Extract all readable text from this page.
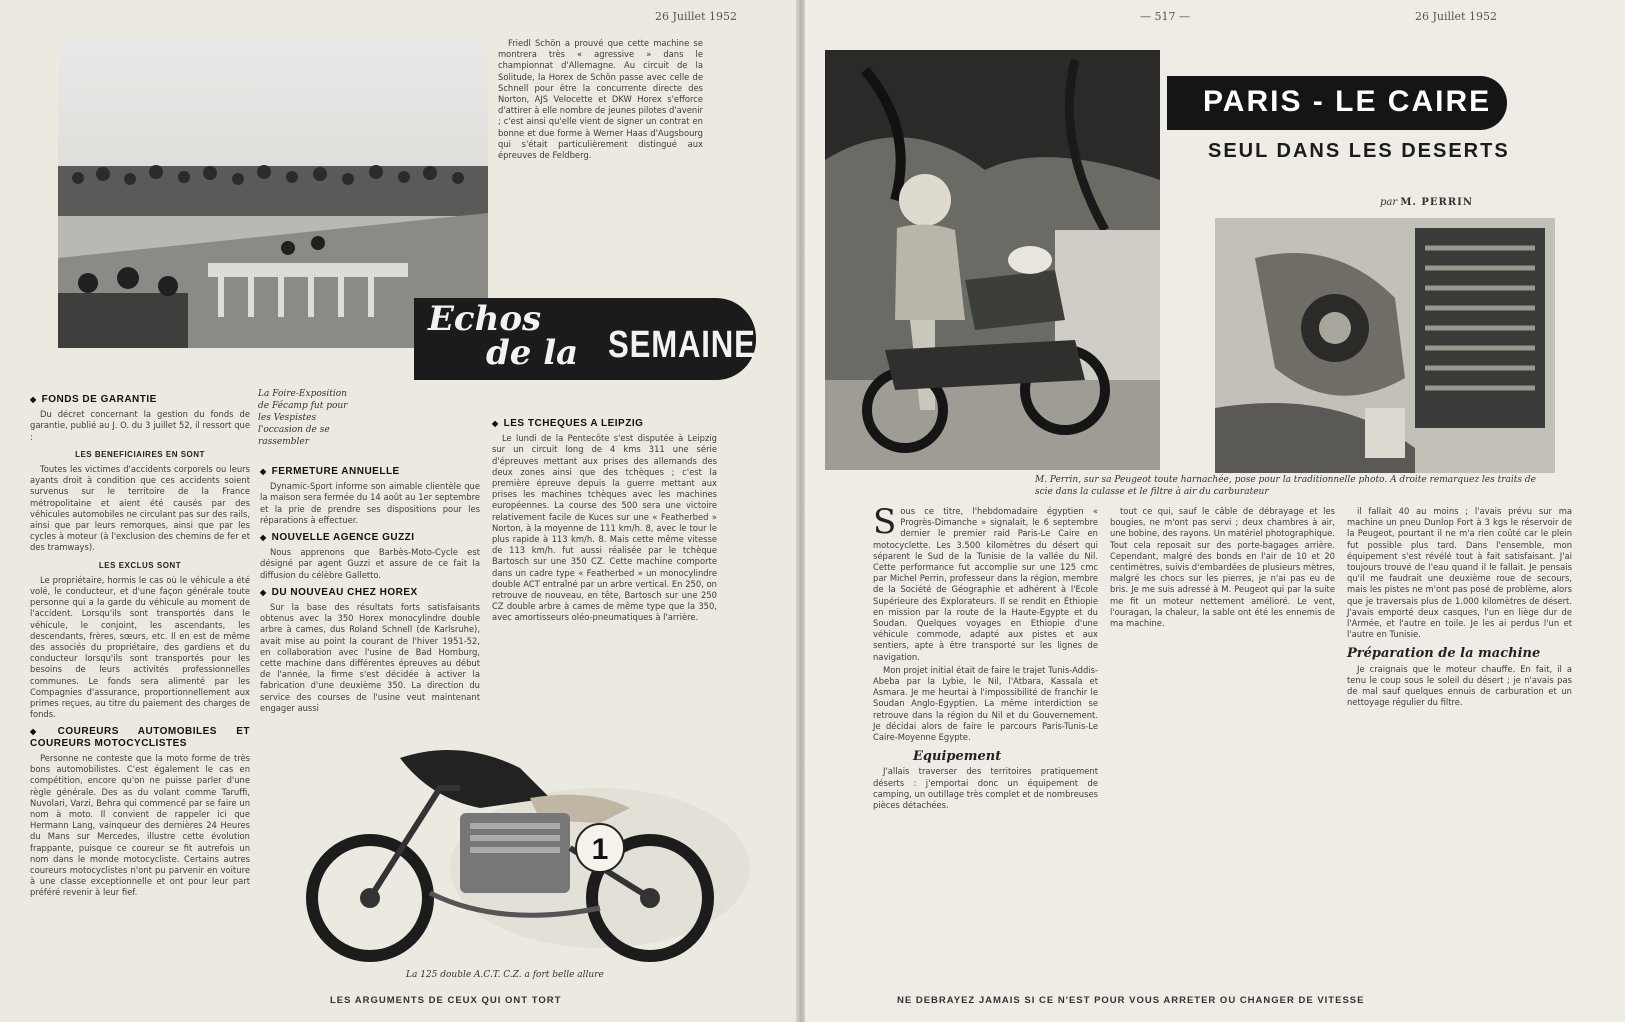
26 Juillet 1952

Friedl Schön a prouvé que cette machine se montrera très « agressive » dans le championnat d'Allemagne. Au circuit de la Solitude, la Horex de Schön passe avec celle de Schnell pour être la concurrente directe des Norton, AJS Velocette et DKW Horex s'efforce d'attirer à elle nombre de jeunes pilotes d'avenir ; c'est ainsi qu'elle vient de signer un contrat en bonne et due forme à Werner Haas d'Augsbourg qui s'était particulièrement distingué aux épreuves de Feldberg.

Echos
de la SEMAINE
La Foire-Exposition de Fécamp fut pour les Vespistes l'occasion de se rassembler
◆ FONDS DE GARANTIE

Du décret concernant la gestion du fonds de garantie, publié au J. O. du 3 juillet 52, il ressort que :

LES BENEFICIAIRES EN SONT

Toutes les victimes d'accidents corporels ou leurs ayants droit à condition que ces accidents soient survenus sur le territoire de la France métropolitaine et aient été causés par des véhicules automobiles ne circulant pas sur des rails, ainsi que par leurs remorques, ainsi que par les cycles à moteur (à l'exclusion des chemins de fer et des tramways).

LES EXCLUS SONT

Le propriétaire, hormis le cas où le véhicule a été volé, le conducteur, et d'une façon générale toute personne qui a la garde du véhicule au moment de l'accident. Lorsqu'ils sont transportés dans le véhicule, le conjoint, les ascendants, les descendants, frères, sœurs, etc. Il en est de même des associés du propriétaire, des gardiens et du conducteur lorsqu'ils sont transportés pour les besoins de leurs activités professionnelles communes. Le fonds sera alimenté par les Compagnies d'assurance, proportionnellement aux primes reçues, au titre du paiement des charges de fonds.

◆ COUREURS AUTOMOBILES ET COUREURS MOTOCYCLISTES

Personne ne conteste que la moto forme de très bons automobilistes. C'est également le cas en compétition, encore qu'on ne puisse parler d'une règle générale. Des as du volant comme Taruffi, Nuvolari, Varzi, Behra qui commencé par se faire un nom à moto. Il convient de rappeler ici que Hermann Lang, vainqueur des dernières 24 Heures du Mans sur Mercedes, illustre cette évolution frappante, puisque ce coureur se fit autrefois un nom dans le monde motocycliste. Certains autres coureurs motocyclistes n'ont pu parvenir en voiture à une classe exceptionnelle et ont pour leur part préféré revenir à leur fief.

◆ FERMETURE ANNUELLE

Dynamic-Sport informe son aimable clientèle que la maison sera fermée du 14 août au 1er septembre et la prie de prendre ses dispositions pour les réparations à effectuer.

◆ NOUVELLE AGENCE GUZZI

Nous apprenons que Barbès-Moto-Cycle est désigné par agent Guzzi et assure de ce fait la diffusion du célèbre Galletto.

◆ DU NOUVEAU CHEZ HOREX

Sur la base des résultats forts satisfaisants obtenus avec la 350 Horex monocylindre double arbre à cames, dus Roland Schnell (de Karlsruhe), avait mise au point la courant de l'hiver 1951-52, en collaboration avec l'usine de Bad Homburg, cette machine dans différentes épreuves au début de l'année, la firme s'est décidée à activer la fabrication d'une deuxième 350. La direction du service des courses de l'usine veut maintenant engager aussi

◆ LES TCHEQUES A LEIPZIG

Le lundi de la Pentecôte s'est disputée à Leipzig sur un circuit long de 4 kms 311 une série d'épreuves mettant aux prises des allemands des deux zones ainsi que des tchèques ; c'est la première épreuve depuis la guerre mettant aux prises les machines tchèques avec les machines européennes. La course des 500 sera une victoire relativement facile de Kuces sur une « Featherbed » Norton, à la moyenne de 111 km/h. 8, avec le tour le plus rapide à 113 km/h. 8. Mais cette même vitesse de 113 km/h. fut aussi réalisée par le tchèque Bartosch sur une 350 CZ. Cette machine comporte dans un cadre type « Featherbed » un monocylindre double ACT entraîné par un arbre vertical. En 250, on retrouve de nouveau, en tête, Bartosch sur une 250 CZ double arbre à cames de même type que la 350, avec amortisseurs oléo-pneumatiques à l'arrière.

1
La 125 double A.C.T. C.Z. a fort belle allure
LES ARGUMENTS DE CEUX QUI ONT TORT
— 517 —	26 Juillet 1952
PARIS - LE CAIRE
SEUL DANS LES DESERTS
par M. PERRIN
M. Perrin, sur sa Peugeot toute harnachée, pose pour la traditionnelle photo. A droite remarquez les traits de scie dans la culasse et le filtre à air du carburateur

Sous ce titre, l'hebdomadaire égyptien « Progrès-Dimanche » signalait, le 6 septembre dernier le premier raid Paris-Le Caire en motocyclette. Les 3.500 kilomètres du désert qui séparent le Sud de la Tunisie de la vallée du Nil. Cette performance fut accomplie sur une 125 cmc par Michel Perrin, professeur dans la région, membre de la Société de Géographie et adhérent à l'Ecole Supérieure des Explorateurs. Il se rendit en Éthiopie en mission par la route de la Haute-Egypte et du Soudan. Quelques voyages en Ethiopie d'une véhicule commode, adapté aux pistes et aux sentiers, apte à être transporté sur les lignes de navigation.

Mon projet initial était de faire le trajet Tunis-Addis-Abeba par la Lybie, le Nil, l'Atbara, Kassala et Asmara. Je me heurtai à l'impossibilité de franchir le Soudan Anglo-Egyptien. La même interdiction se retrouve dans la région du Nil et du Gouvernement. Je décidai alors de faire le parcours Paris-Tunis-Le Caire-Moyenne Egypte.

Equipement

J'allais traverser des territoires pratiquement déserts : j'emportai donc un équipement de camping, un outillage très complet et de nombreuses pièces détachées.

tout ce qui, sauf le câble de débrayage et les bougies, ne m'ont pas servi ; deux chambres à air, une bobine, des rayons. Un matériel photographique. Tout cela reposait sur des porte-bagages arrière. Cependant, malgré des bonds en l'air de 10 et 20 centimètres, suivis d'embardées de plusieurs mètres, malgré les chocs sur les pierres, je n'ai pas eu de bris. Je me suis adressé à M. Peugeot qui par la suite me fit un moteur nettement amélioré. Le vent, l'ouragan, la chaleur, la sable ont été les ennemis de ma machine.

il fallait 40 au moins ; l'avais prévu sur ma machine un pneu Dunlop Fort à 3 kgs le réservoir de la Peugeot, pourtant il ne m'a rien coûté car le plein fut possible plus tard. Dans l'ensemble, mon équipement s'est révélé tout à fait satisfaisant. J'ai toujours trouvé de l'eau quand il le fallait. Je pensais qu'il me faudrait une deuxième roue de secours, mais les pistes ne m'ont pas posé de problème, alors que je traversais plus de 1.000 kilomètres de désert. J'avais emporté deux casques, l'un en liège dur de l'Armée, et l'autre en toile. Je les ai perdus l'un et l'autre en Tunisie.

Préparation de la machine

Je craignais que le moteur chauffe. En fait, il a tenu le coup sous le soleil du désert ; je n'avais pas de mal sauf quelques ennuis de carburation et un nettoyage régulier du filtre.

NE DEBRAYEZ JAMAIS SI CE N'EST POUR VOUS ARRETER OU CHANGER DE VITESSE
